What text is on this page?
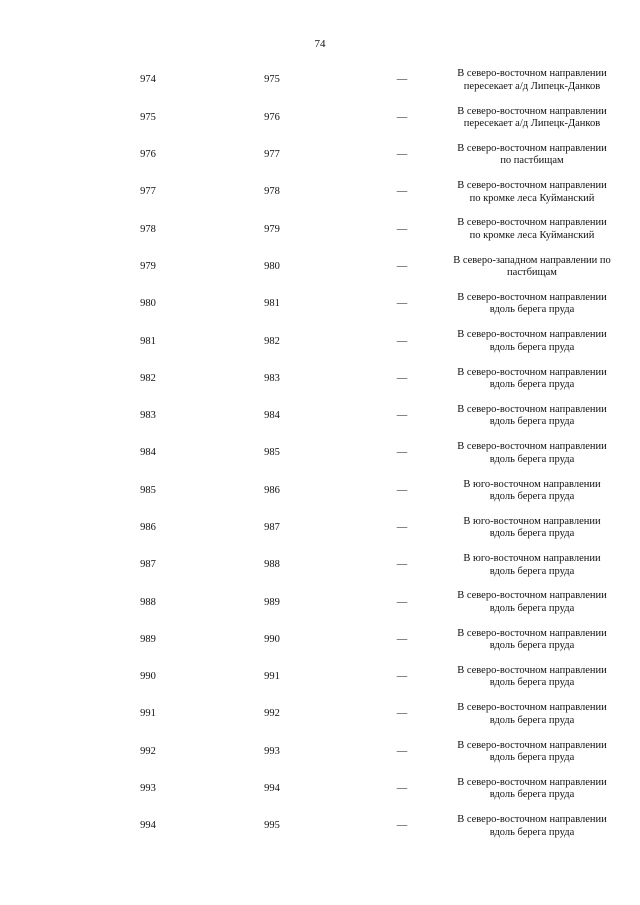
74
974	975	—
В северо-восточном направлении пересекает а/д Липецк-Данков
975	976	—
В северо-восточном направлении пересекает а/д Липецк-Данков
976	977	—
В северо-восточном направлении по пастбищам
977	978	—
В северо-восточном направлении по кромке леса Куйманский
978	979	—
В северо-восточном направлении по кромке леса Куйманский
979	980	—
В северо-западном направлении по пастбищам
980	981	—
В северо-восточном направлении вдоль берега пруда
981	982	—
В северо-восточном направлении вдоль берега пруда
982	983	—
В северо-восточном направлении вдоль берега пруда
983	984	—
В северо-восточном направлении вдоль берега пруда
984	985	—
В северо-восточном направлении вдоль берега пруда
985	986	—
В юго-восточном направлении вдоль берега пруда
986	987	—
В юго-восточном направлении вдоль берега пруда
987	988	—
В юго-восточном направлении вдоль берега пруда
988	989	—
В северо-восточном направлении вдоль берега пруда
989	990	—
В северо-восточном направлении вдоль берега пруда
990	991	—
В северо-восточном направлении вдоль берега пруда
991	992	—
В северо-восточном направлении вдоль берега пруда
992	993	—
В северо-восточном направлении вдоль берега пруда
993	994	—
В северо-восточном направлении вдоль берега пруда
994	995	—
В северо-восточном направлении вдоль берега пруда
